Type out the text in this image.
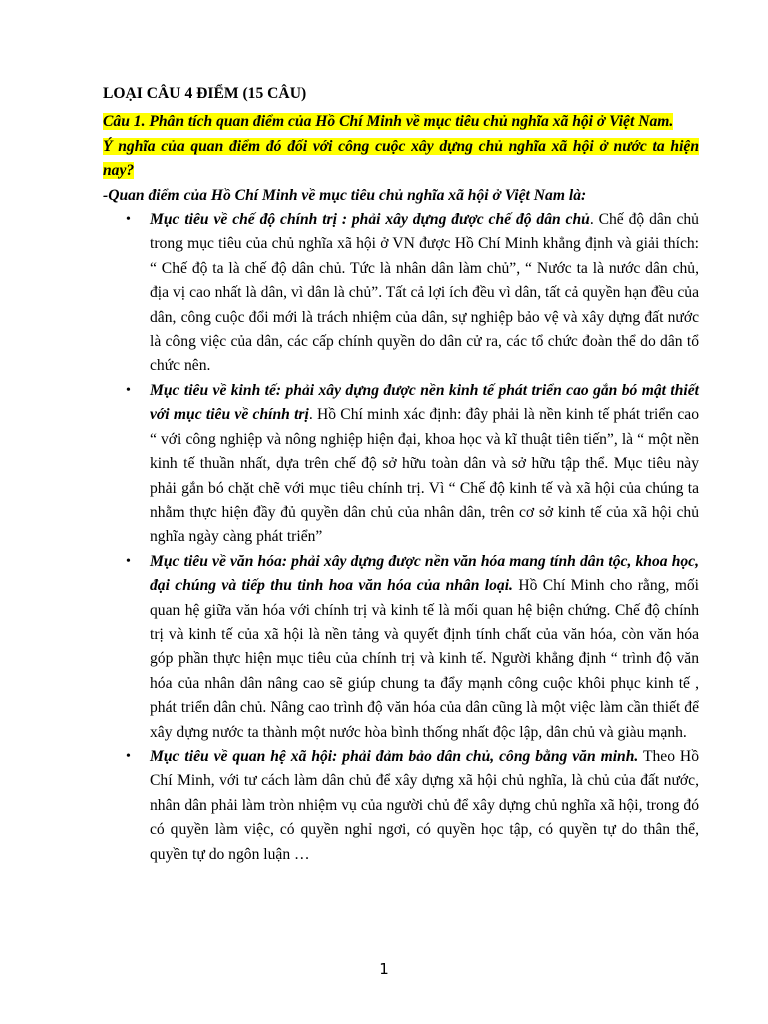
LOẠI CÂU 4 ĐIỂM (15 CÂU)

Câu 1. Phân tích quan điểm của Hồ Chí Minh về mục tiêu chủ nghĩa xã hội ở Việt Nam.

Ý nghĩa của quan điểm đó đối với công cuộc xây dựng chủ nghĩa xã hội ở nước ta hiện nay?

-Quan điểm của Hồ Chí Minh về mục tiêu chủ nghĩa xã hội ở Việt Nam là:

• Mục tiêu về chế độ chính trị : phải xây dựng được chế độ dân chủ. Chế độ dân chủ trong mục tiêu của chủ nghĩa xã hội ở VN được Hồ Chí Minh khẳng định và giải thích: “ Chế độ ta là chế độ dân chủ. Tức là nhân dân làm chủ”, “ Nước ta là nước dân chủ, địa vị cao nhất là dân, vì dân là chủ”. Tất cả lợi ích đều vì dân, tất cả quyền hạn đều của dân, công cuộc đổi mới là trách nhiệm của dân, sự nghiệp bảo vệ và xây dựng đất nước là công việc của dân, các cấp chính quyền do dân cử ra, các tổ chức đoàn thể do dân tổ chức nên.
• Mục tiêu về kinh tế: phải xây dựng được nền kinh tế phát triển cao gắn bó mật thiết với mục tiêu về chính trị. Hồ Chí minh xác định: đây phải là nền kinh tế phát triển cao “ với công nghiệp và nông nghiệp hiện đại, khoa học và kĩ thuật tiên tiến”, là “ một nền kinh tế thuần nhất, dựa trên chế độ sở hữu toàn dân và sở hữu tập thể. Mục tiêu này phải gắn bó chặt chẽ với mục tiêu chính trị. Vì “ Chế độ kinh tế và xã hội của chúng ta nhằm thực hiện đầy đủ quyền dân chủ của nhân dân, trên cơ sở kinh tế của xã hội chủ nghĩa ngày càng phát triển”
• Mục tiêu về văn hóa: phải xây dựng được nền văn hóa mang tính dân tộc, khoa học, đại chúng và tiếp thu tinh hoa văn hóa của nhân loại. Hồ Chí Minh cho rằng, mối quan hệ giữa văn hóa với chính trị và kinh tế là mối quan hệ biện chứng. Chế độ chính trị và kinh tế của xã hội là nền tảng và quyết định tính chất của văn hóa, còn văn hóa góp phần thực hiện mục tiêu của chính trị và kinh tế. Người khẳng định “ trình độ văn hóa của nhân dân nâng cao sẽ giúp chung ta đẩy mạnh công cuộc khôi phục kinh tế , phát triển dân chủ. Nâng cao trình độ văn hóa của dân cũng là một việc làm cần thiết để xây dựng nước ta thành một nước hòa bình thống nhất độc lập, dân chủ và giàu mạnh.
• Mục tiêu về quan hệ xã hội: phải đảm bảo dân chủ, công bằng văn minh. Theo Hồ Chí Minh, với tư cách làm dân chủ để xây dựng xã hội chủ nghĩa, là chủ của đất nước, nhân dân phải làm tròn nhiệm vụ của người chủ để xây dựng chủ nghĩa xã hội, trong đó có quyền làm việc, có quyền nghỉ ngơi, có quyền học tập, có quyền tự do thân thể, quyền tự do ngôn luận …
1
